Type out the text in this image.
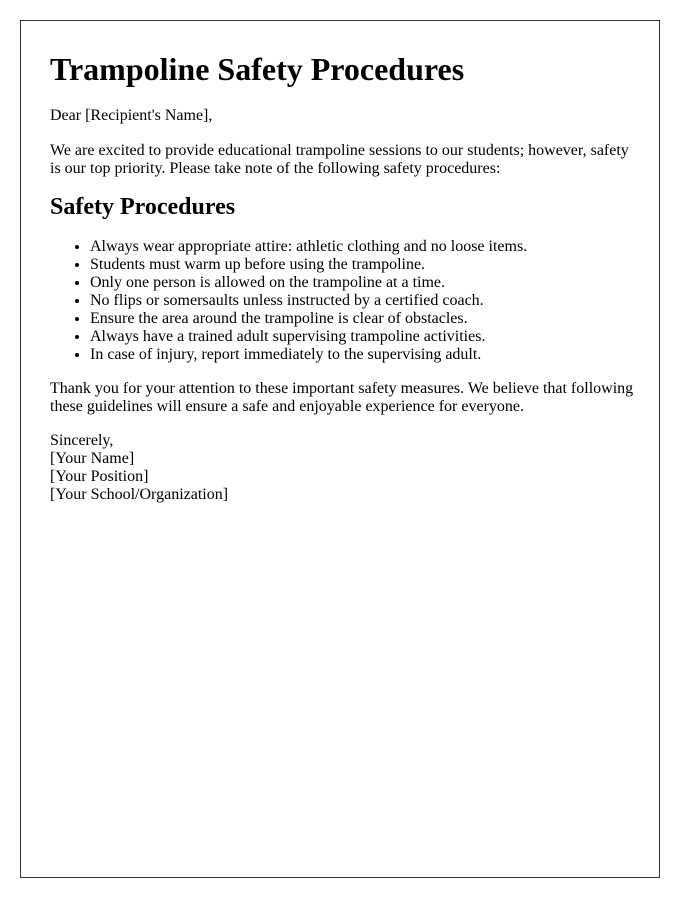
Trampoline Safety Procedures

Dear [Recipient's Name],

We are excited to provide educational trampoline sessions to our students; however, safety is our top priority. Please take note of the following safety procedures:

Safety Procedures
• Always wear appropriate attire: athletic clothing and no loose items.
• Students must warm up before using the trampoline.
• Only one person is allowed on the trampoline at a time.
• No flips or somersaults unless instructed by a certified coach.
• Ensure the area around the trampoline is clear of obstacles.
• Always have a trained adult supervising trampoline activities.
• In case of injury, report immediately to the supervising adult.

Thank you for your attention to these important safety measures. We believe that following these guidelines will ensure a safe and enjoyable experience for everyone.

Sincerely,
[Your Name]
[Your Position]
[Your School/Organization]
